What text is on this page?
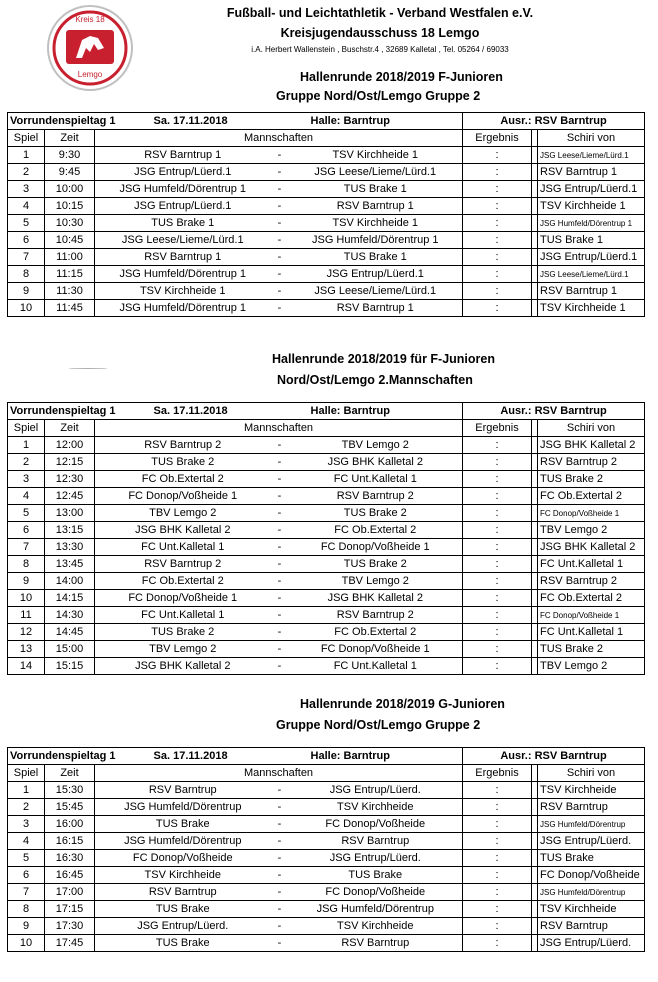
Kreis 18
Lemgo
Fußball- und Leichtathletik - Verband Westfalen e.V.
Kreisjugendausschuss 18 Lemgo
i.A. Herbert Wallenstein , Buschstr.4 , 32689 Kalletal , Tel. 05264 / 69033
Hallenrunde 2018/2019 F-Junioren
Gruppe Nord/Ost/Lemgo Gruppe 2
Vorrundenspieltag 1 Sa. 17.11.2018			Halle: Barntrup		Ausr.: RSV Barntrup		
Spiel	Zeit	Mannschaften			Ergebnis		Schiri von
1	9:30	RSV Barntrup 1	-	TSV Kirchheide 1	:		JSG Leese/Lieme/Lürd.1
2	9:45	JSG Entrup/Lüerd.1	-	JSG Leese/Lieme/Lürd.1	:		RSV Barntrup 1
3	10:00	JSG Humfeld/Dörentrup 1	-	TUS Brake 1	:		JSG Entrup/Lüerd.1
4	10:15	JSG Entrup/Lüerd.1	-	RSV Barntrup 1	:		TSV Kirchheide 1
5	10:30	TUS Brake 1	-	TSV Kirchheide 1	:		JSG Humfeld/Dörentrup 1
6	10:45	JSG Leese/Lieme/Lürd.1	-	JSG Humfeld/Dörentrup 1	:		TUS Brake 1
7	11:00	RSV Barntrup 1	-	TUS Brake 1	:		JSG Entrup/Lüerd.1
8	11:15	JSG Humfeld/Dörentrup 1	-	JSG Entrup/Lüerd.1	:		JSG Leese/Lieme/Lürd.1
9	11:30	TSV Kirchheide 1	-	JSG Leese/Lieme/Lürd.1	:		RSV Barntrup 1
10	11:45	JSG Humfeld/Dörentrup 1	-	RSV Barntrup 1	:		TSV Kirchheide 1
Hallenrunde 2018/2019 für F-Junioren
Nord/Ost/Lemgo 2.Mannschaften
Vorrundenspieltag 1 Sa. 17.11.2018			Halle: Barntrup		Ausr.: RSV Barntrup		
Spiel	Zeit	Mannschaften			Ergebnis		Schiri von
1	12:00	RSV Barntrup 2	-	TBV Lemgo 2	:		JSG BHK Kalletal 2
2	12:15	TUS Brake 2	-	JSG BHK Kalletal 2	:		RSV Barntrup 2
3	12:30	FC Ob.Extertal 2	-	FC Unt.Kalletal 1	:		TUS Brake 2
4	12:45	FC Donop/Voßheide 1	-	RSV Barntrup 2	:		FC Ob.Extertal 2
5	13:00	TBV Lemgo 2	-	TUS Brake 2	:		FC Donop/Voßheide 1
6	13:15	JSG BHK Kalletal 2	-	FC Ob.Extertal 2	:		TBV Lemgo 2
7	13:30	FC Unt.Kalletal 1	-	FC Donop/Voßheide 1	:		JSG BHK Kalletal 2
8	13:45	RSV Barntrup 2	-	TUS Brake 2	:		FC Unt.Kalletal 1
9	14:00	FC Ob.Extertal 2	-	TBV Lemgo 2	:		RSV Barntrup 2
10	14:15	FC Donop/Voßheide 1	-	JSG BHK Kalletal 2	:		FC Ob.Extertal 2
11	14:30	FC Unt.Kalletal 1	-	RSV Barntrup 2	:		FC Donop/Voßheide 1
12	14:45	TUS Brake 2	-	FC Ob.Extertal 2	:		FC Unt.Kalletal 1
13	15:00	TBV Lemgo 2	-	FC Donop/Voßheide 1	:		TUS Brake 2
14	15:15	JSG BHK Kalletal 2	-	FC Unt.Kalletal 1	:		TBV Lemgo 2
Hallenrunde 2018/2019 G-Junioren
Gruppe Nord/Ost/Lemgo Gruppe 2
Vorrundenspieltag 1 Sa. 17.11.2018			Halle: Barntrup		Ausr.: RSV Barntrup		
Spiel	Zeit	Mannschaften			Ergebnis		Schiri von
1	15:30	RSV Barntrup	-	JSG Entrup/Lüerd.	:		TSV Kirchheide
2	15:45	JSG Humfeld/Dörentrup	-	TSV Kirchheide	:		RSV Barntrup
3	16:00	TUS Brake	-	FC Donop/Voßheide	:		JSG Humfeld/Dörentrup
4	16:15	JSG Humfeld/Dörentrup	-	RSV Barntrup	:		JSG Entrup/Lüerd.
5	16:30	FC Donop/Voßheide	-	JSG Entrup/Lüerd.	:		TUS Brake
6	16:45	TSV Kirchheide	-	TUS Brake	:		FC Donop/Voßheide
7	17:00	RSV Barntrup	-	FC Donop/Voßheide	:		JSG Humfeld/Dörentrup
8	17:15	TUS Brake	-	JSG Humfeld/Dörentrup	:		TSV Kirchheide
9	17:30	JSG Entrup/Lüerd.	-	TSV Kirchheide	:		RSV Barntrup
10	17:45	TUS Brake	-	RSV Barntrup	:		JSG Entrup/Lüerd.
